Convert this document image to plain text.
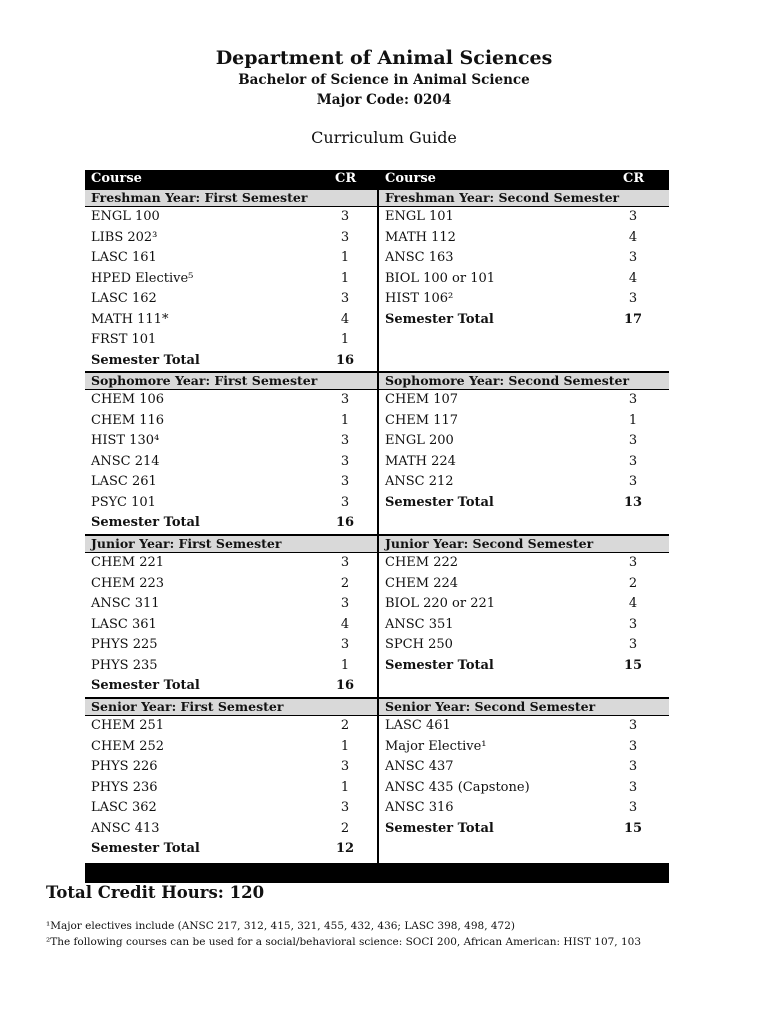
Department of Animal Sciences
Bachelor of Science in Animal Science
Major Code: 0204
Curriculum Guide
Course	CR
Freshman Year: First Semester
ENGL 100	3
LIBS 202³	3
LASC 161	1
HPED Elective⁵	1
LASC 162	3
MATH 111*	4
FRST 101	1
Semester Total	16
Sophomore Year: First Semester
CHEM 106	3
CHEM 116	1
HIST 130⁴	3
ANSC 214	3
LASC 261	3
PSYC 101	3
Semester Total	16
Junior Year: First Semester
CHEM 221	3
CHEM 223	2
ANSC 311	3
LASC 361	4
PHYS 225	3
PHYS 235	1
Semester Total	16
Senior Year: First Semester
CHEM 251	2
CHEM 252	1
PHYS 226	3
PHYS 236	1
LASC 362	3
ANSC 413	2
Semester Total	12
Course	CR
Freshman Year: Second Semester
ENGL 101	3
MATH 112	4
ANSC 163	3
BIOL 100 or 101	4
HIST 106²	3
Semester Total	17
Sophomore Year: Second Semester
CHEM 107	3
CHEM 117	1
ENGL 200	3
MATH 224	3
ANSC 212	3
Semester Total	13
Junior Year: Second Semester
CHEM 222	3
CHEM 224	2
BIOL 220 or 221	4
ANSC 351	3
SPCH 250	3
Semester Total	15
Senior Year: Second Semester
LASC 461	3
Major Elective¹	3
ANSC 437	3
ANSC 435 (Capstone)	3
ANSC 316	3
Semester Total	15
Total Credit Hours: 120
¹Major electives include (ANSC 217, 312, 415, 321, 455, 432, 436; LASC 398, 498, 472)
²The following courses can be used for a social/behavioral science: SOCI 200, African American: HIST 107, 103
